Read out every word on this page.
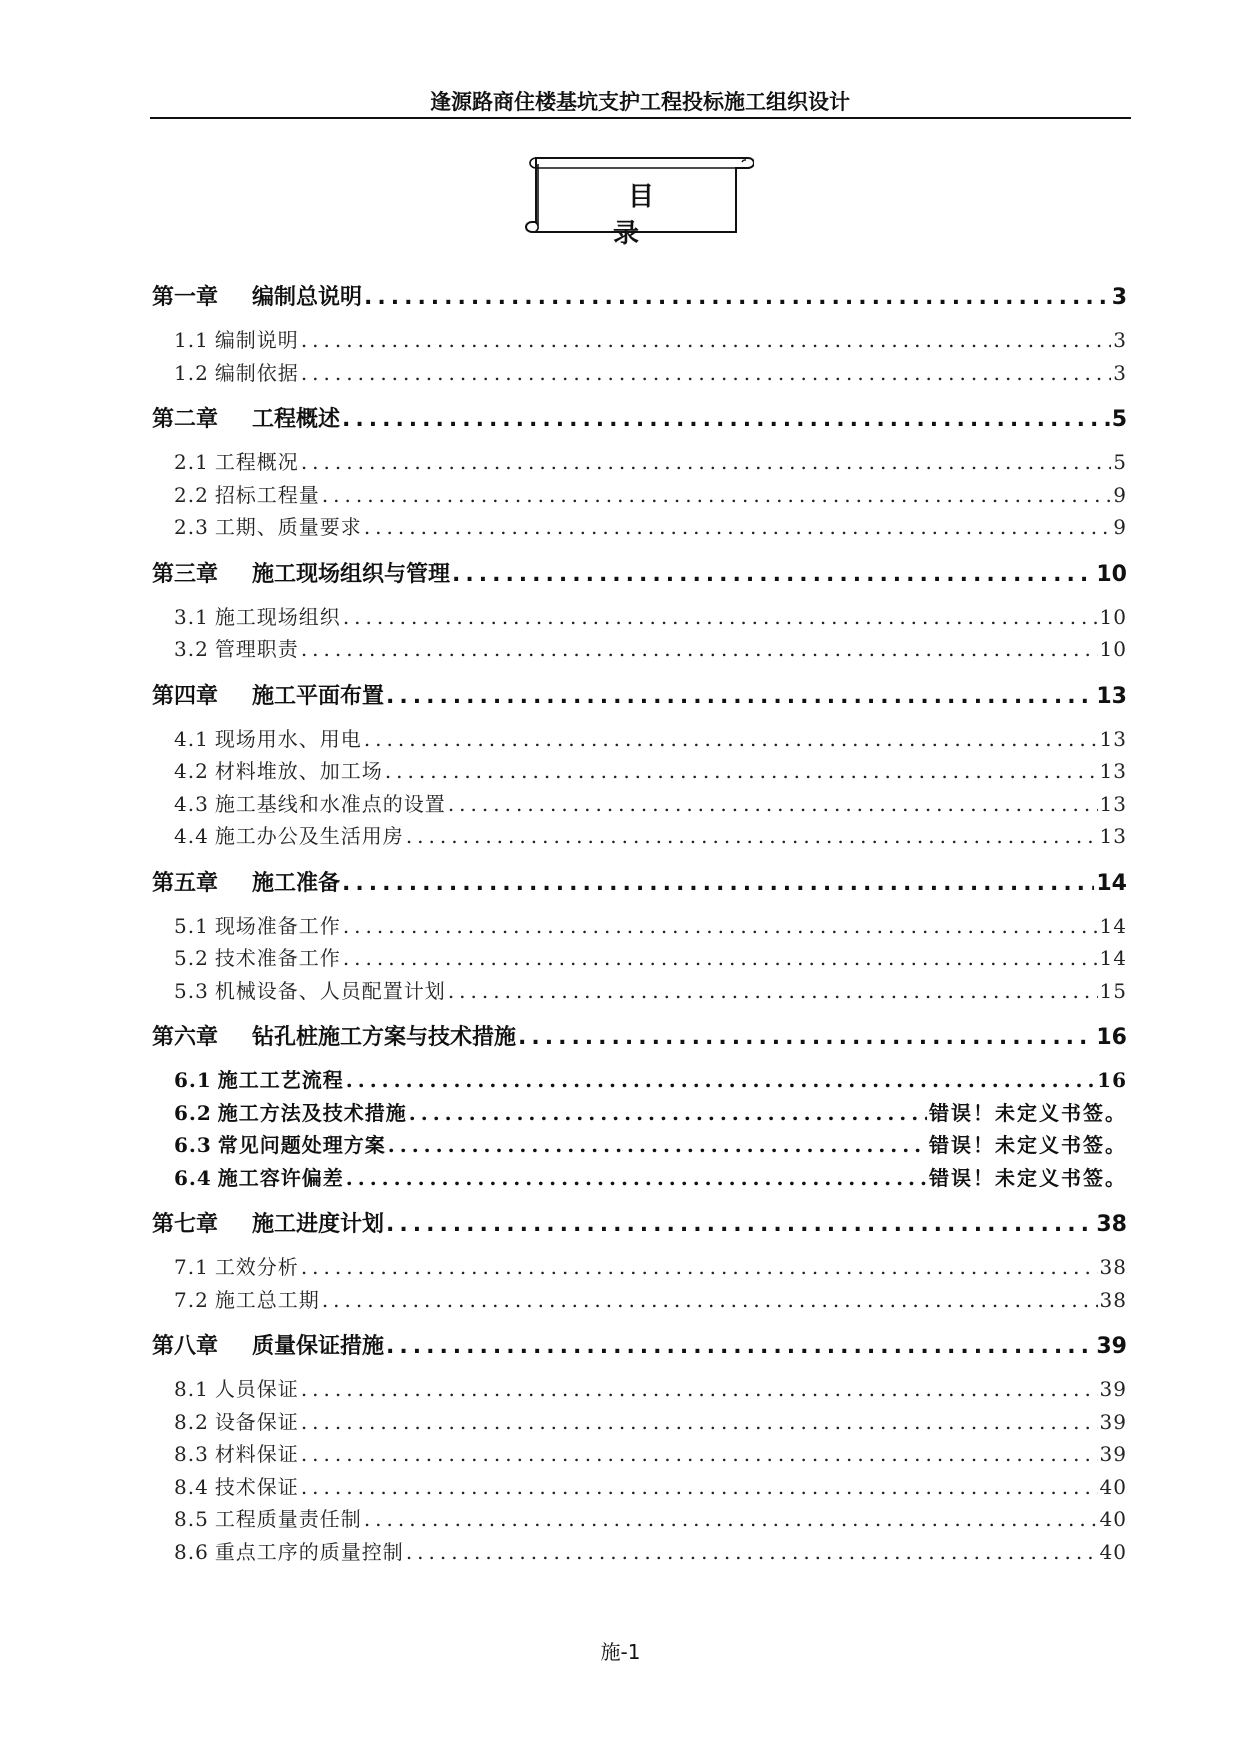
逢源路商住楼基坑支护工程投标施工组织设计
目 录
第一章	编制总说明 .....	3
1.1 编制说明 .....	3
1.2 编制依据 .....	3
第二章	工程概述 .....	5
2.1 工程概况 .....	5
2.2 招标工程量 .....	9
2.3 工期、质量要求 .....	9
第三章	施工现场组织与管理 .....	10
3.1 施工现场组织 .....	10
3.2 管理职责 .....	10
第四章	施工平面布置 .....	13
4.1 现场用水、用电 .....	13
4.2 材料堆放、加工场 .....	13
4.3 施工基线和水准点的设置 .....	13
4.4 施工办公及生活用房 .....	13
第五章	施工准备 .....	14
5.1 现场准备工作 .....	14
5.2 技术准备工作 .....	14
5.3 机械设备、人员配置计划 .....	15
第六章	钻孔桩施工方案与技术措施 .....	16
6.1 施工工艺流程 .....	16
6.2 施工方法及技术措施 .....	错误！未定义书签。
6.3 常见问题处理方案 .....	错误！未定义书签。
6.4 施工容许偏差 .....	错误！未定义书签。
第七章	施工进度计划 .....	38
7.1 工效分析 .....	38
7.2 施工总工期 .....	38
第八章	质量保证措施 .....	39
8.1 人员保证 .....	39
8.2 设备保证 .....	39
8.3 材料保证 .....	39
8.4 技术保证 .....	40
8.5 工程质量责任制 .....	40
8.6 重点工序的质量控制 .....	40
施-1
